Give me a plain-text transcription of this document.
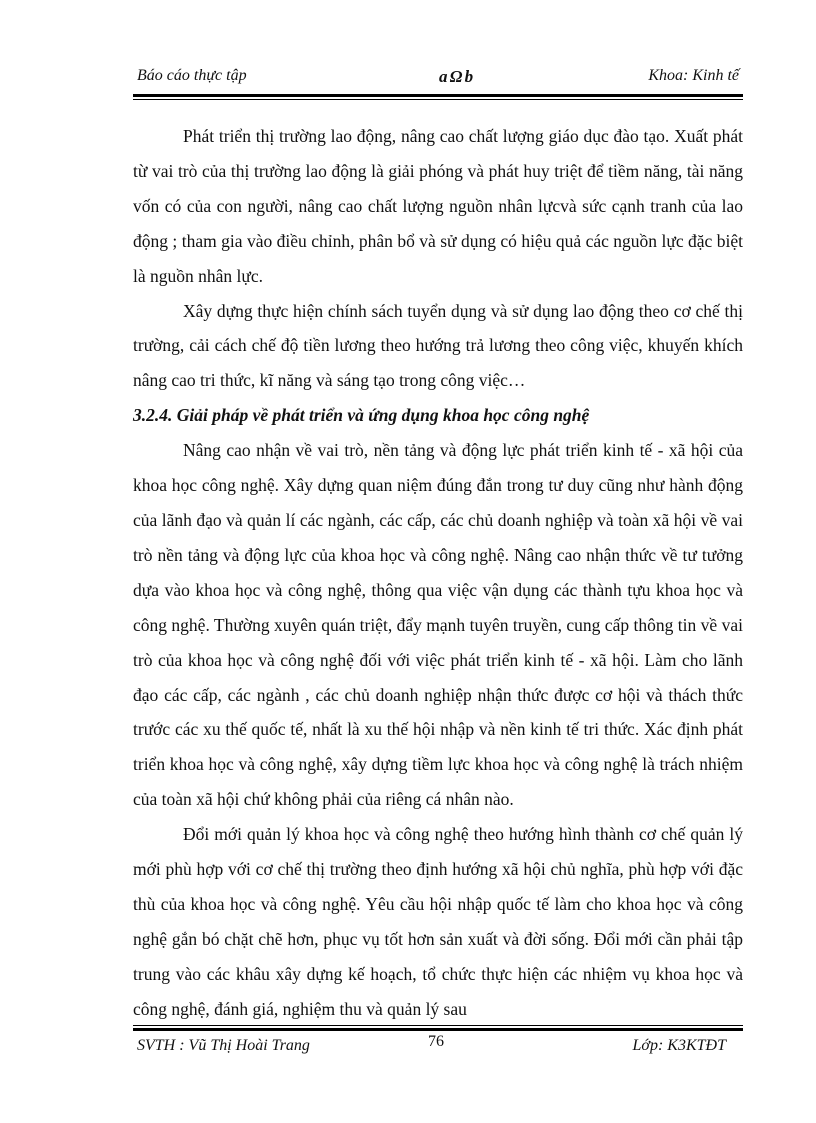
Báo cáo thực tập	a Ω b	Khoa: Kinh tế

Phát triển thị trường lao động, nâng cao chất lượng giáo dục đào tạo. Xuất phát từ vai trò của thị trường lao động là giải phóng và phát huy triệt để tiềm năng, tài năng vốn có của con người, nâng cao chất lượng nguồn nhân lựcvà sức cạnh tranh của lao động ; tham gia vào điều chỉnh, phân bổ và sử dụng có hiệu quả các nguồn lực đặc biệt là nguồn nhân lực.

Xây dựng thực hiện chính sách tuyển dụng và sử dụng lao động theo cơ chế thị trường, cải cách chế độ tiền lương theo hướng trả lương theo công việc, khuyến khích nâng cao tri thức, kĩ năng và sáng tạo trong công việc…

3.2.4. Giải pháp về phát triển và ứng dụng khoa học công nghệ

Nâng cao nhận về vai trò, nền tảng và động lực phát triển kinh tế - xã hội của khoa học công nghệ. Xây dựng quan niệm đúng đắn trong tư duy cũng như hành động của lãnh đạo và quản lí các ngành, các cấp, các chủ doanh nghiệp và toàn xã hội về vai trò nền tảng và động lực của khoa học và công nghệ. Nâng cao nhận thức về tư tưởng dựa vào khoa học và công nghệ, thông qua việc vận dụng các thành tựu khoa học và công nghệ. Thường xuyên quán triệt, đẩy mạnh tuyên truyền, cung cấp thông tin về vai trò của khoa học và công nghệ đối với việc phát triển kinh tế - xã hội. Làm cho lãnh đạo các cấp, các ngành , các chủ doanh nghiệp nhận thức được cơ hội và thách thức trước các xu thế quốc tế, nhất là xu thế hội nhập và nền kinh tế tri thức. Xác định phát triển khoa học và công nghệ, xây dựng tiềm lực khoa học và công nghệ là trách nhiệm của toàn xã hội chứ không phải của riêng cá nhân nào.

Đổi mới quản lý khoa học và công nghệ theo hướng hình thành cơ chế quản lý mới phù hợp với cơ chế thị trường theo định hướng xã hội chủ nghĩa, phù hợp với đặc thù của khoa học và công nghệ. Yêu cầu hội nhập quốc tế làm cho khoa học và công nghệ gắn bó chặt chẽ hơn, phục vụ tốt hơn sản xuất và đời sống. Đổi mới cần phải tập trung vào các khâu xây dựng kế hoạch, tổ chức thực hiện các nhiệm vụ khoa học và công nghệ, đánh giá, nghiệm thu và quản lý sau

SVTH : Vũ Thị Hoài Trang	76	Lớp: K3KTĐT
